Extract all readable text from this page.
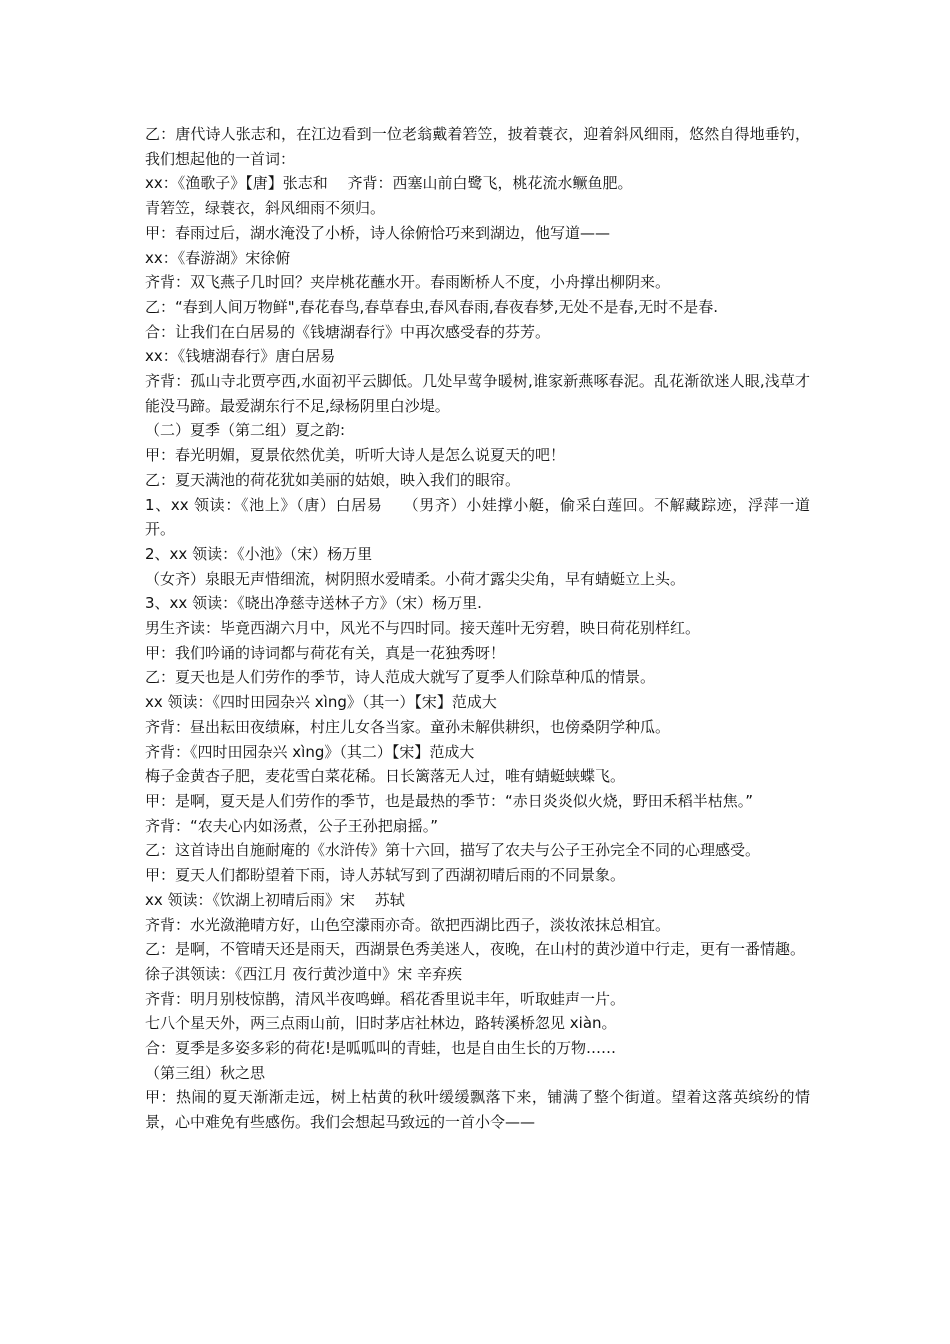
乙：唐代诗人张志和，在江边看到一位老翁戴着箬笠，披着蓑衣，迎着斜风细雨，悠然自得地垂钓，我们想起他的一首词：

xx：《渔歌子》【唐】张志和　 齐背：西塞山前白鹭飞，桃花流水鳜鱼肥。

青箬笠，绿蓑衣，斜风细雨不须归。

甲：春雨过后，湖水淹没了小桥，诗人徐俯恰巧来到湖边，他写道——

xx：《春游湖》宋徐俯

齐背：双飞燕子几时回？夹岸桃花蘸水开。春雨断桥人不度，小舟撑出柳阴来。

乙：“春到人间万物鲜",春花春鸟,春草春虫,春风春雨,春夜春梦,无处不是春,无时不是春.

合：让我们在白居易的《钱塘湖春行》中再次感受春的芬芳。

xx：《钱塘湖春行》唐白居易

齐背：孤山寺北贾亭西,水面初平云脚低。几处早莺争暖树,谁家新燕啄春泥。乱花渐欲迷人眼,浅草才能没马蹄。最爱湖东行不足,绿杨阴里白沙堤。

（二）夏季（第二组）夏之韵:

甲：春光明媚，夏景依然优美，听听大诗人是怎么说夏天的吧！

乙：夏天满池的荷花犹如美丽的姑娘，映入我们的眼帘。

1、xx 领读：《池上》（唐）白居易　 （男齐）小娃撑小艇，偷采白莲回。不解藏踪迹，浮萍一道开。

2、xx 领读：《小池》（宋）杨万里

（女齐）泉眼无声惜细流，树阴照水爱晴柔。小荷才露尖尖角，早有蜻蜓立上头。

3、xx 领读：《晓出净慈寺送林子方》（宋）杨万里.

男生齐读：毕竟西湖六月中，风光不与四时同。接天莲叶无穷碧，映日荷花别样红。

甲：我们吟诵的诗词都与荷花有关，真是一花独秀呀！

乙：夏天也是人们劳作的季节，诗人范成大就写了夏季人们除草种瓜的情景。

xx 领读：《四时田园杂兴 xìng》（其一）【宋】范成大

齐背：昼出耘田夜绩麻，村庄儿女各当家。童孙未解供耕织，也傍桑阴学种瓜。

齐背：《四时田园杂兴 xìng》（其二）【宋】范成大

梅子金黄杏子肥，麦花雪白菜花稀。日长篱落无人过，唯有蜻蜓蛱蝶飞。

甲：是啊，夏天是人们劳作的季节，也是最热的季节：“赤日炎炎似火烧，野田禾稻半枯焦。”

齐背：“农夫心内如汤煮，公子王孙把扇摇。”

乙：这首诗出自施耐庵的《水浒传》第十六回，描写了农夫与公子王孙完全不同的心理感受。

甲：夏天人们都盼望着下雨，诗人苏轼写到了西湖初晴后雨的不同景象。

xx 领读：《饮湖上初晴后雨》宋　 苏轼

齐背：水光潋滟晴方好，山色空濛雨亦奇。欲把西湖比西子，淡妆浓抹总相宜。

乙：是啊，不管晴天还是雨天，西湖景色秀美迷人，夜晚，在山村的黄沙道中行走，更有一番情趣。

徐子淇领读：《西江月 夜行黄沙道中》宋 辛弃疾

齐背：明月别枝惊鹊，清风半夜鸣蝉。稻花香里说丰年，听取蛙声一片。

七八个星天外，两三点雨山前，旧时茅店社林边，路转溪桥忽见 xiàn。

合：夏季是多姿多彩的荷花!是呱呱叫的青蛙，也是自由生长的万物……

（第三组）秋之思

甲：热闹的夏天渐渐走远，树上枯黄的秋叶缓缓飘落下来，铺满了整个街道。望着这落英缤纷的情景，心中难免有些感伤。我们会想起马致远的一首小令——
